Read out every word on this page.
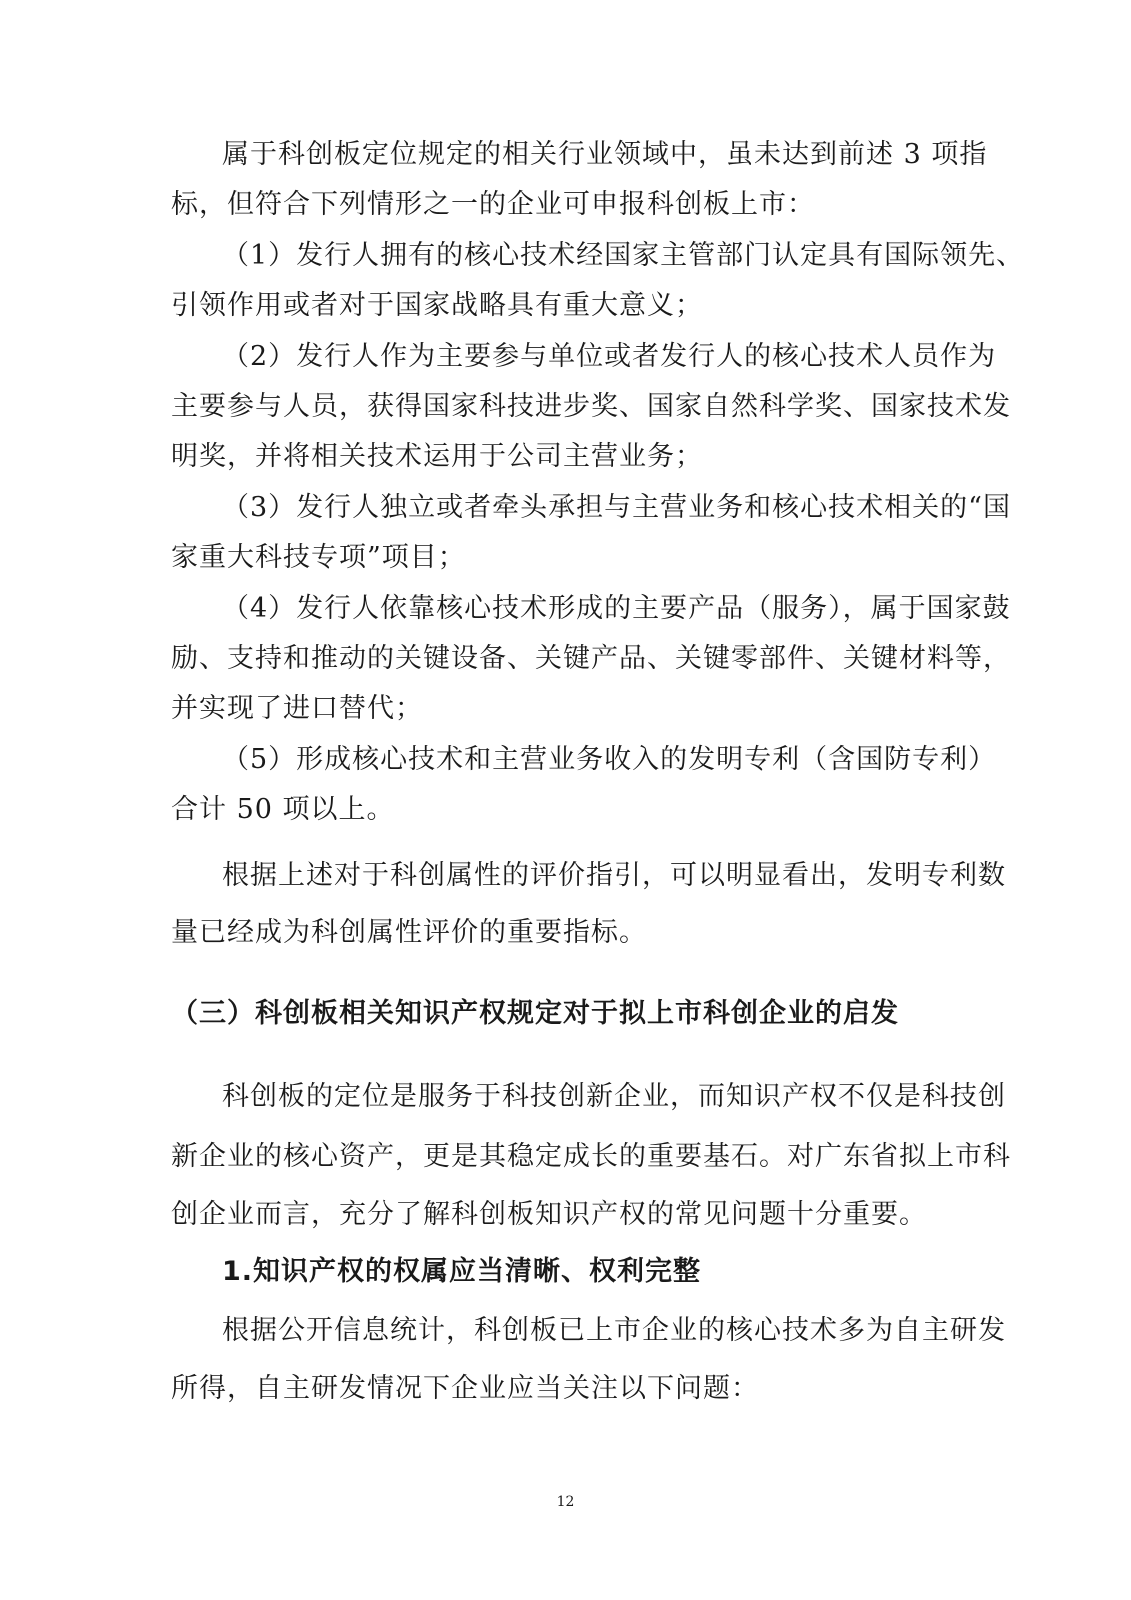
属于科创板定位规定的相关行业领域中，虽未达到前述 3 项指
标，但符合下列情形之一的企业可申报科创板上市：
（1）发行人拥有的核心技术经国家主管部门认定具有国际领先、
引领作用或者对于国家战略具有重大意义；
（2）发行人作为主要参与单位或者发行人的核心技术人员作为
主要参与人员，获得国家科技进步奖、国家自然科学奖、国家技术发
明奖，并将相关技术运用于公司主营业务；
（3）发行人独立或者牵头承担与主营业务和核心技术相关的“国
家重大科技专项”项目；
（4）发行人依靠核心技术形成的主要产品（服务），属于国家鼓
励、支持和推动的关键设备、关键产品、关键零部件、关键材料等，
并实现了进口替代；
（5）形成核心技术和主营业务收入的发明专利（含国防专利）
合计 50 项以上。
根据上述对于科创属性的评价指引，可以明显看出，发明专利数
量已经成为科创属性评价的重要指标。
（三）科创板相关知识产权规定对于拟上市科创企业的启发
科创板的定位是服务于科技创新企业，而知识产权不仅是科技创
新企业的核心资产，更是其稳定成长的重要基石。对广东省拟上市科
创企业而言，充分了解科创板知识产权的常见问题十分重要。
1.知识产权的权属应当清晰、权利完整
根据公开信息统计，科创板已上市企业的核心技术多为自主研发
所得，自主研发情况下企业应当关注以下问题：
12
